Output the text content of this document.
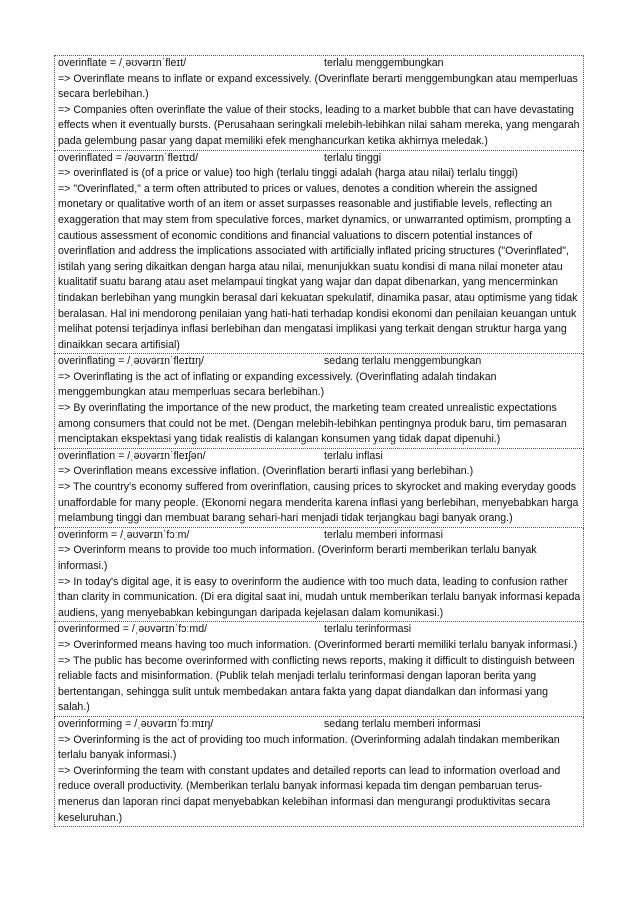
overinflate = /ˌəʊvərɪnˈfleɪt/	terlalu menggembungkan

=> Overinflate means to inflate or expand excessively. (Overinflate berarti menggembungkan atau memperluas secara berlebihan.)

=> Companies often overinflate the value of their stocks, leading to a market bubble that can have devastating effects when it eventually bursts. (Perusahaan seringkali melebih-lebihkan nilai saham mereka, yang mengarah pada gelembung pasar yang dapat memiliki efek menghancurkan ketika akhirnya meledak.)

overinflated = /əʊvərɪnˈfleɪtɪd/	terlalu tinggi

=> overinflated is (of a price or value) too high (terlalu tinggi adalah (harga atau nilai) terlalu tinggi)

=> "Overinflated," a term often attributed to prices or values, denotes a condition wherein the assigned monetary or qualitative worth of an item or asset surpasses reasonable and justifiable levels, reflecting an exaggeration that may stem from speculative forces, market dynamics, or unwarranted optimism, prompting a cautious assessment of economic conditions and financial valuations to discern potential instances of overinflation and address the implications associated with artificially inflated pricing structures ("Overinflated", istilah yang sering dikaitkan dengan harga atau nilai, menunjukkan suatu kondisi di mana nilai moneter atau kualitatif suatu barang atau aset melampaui tingkat yang wajar dan dapat dibenarkan, yang mencerminkan tindakan berlebihan yang mungkin berasal dari kekuatan spekulatif, dinamika pasar, atau optimisme yang tidak beralasan. Hal ini mendorong penilaian yang hati-hati terhadap kondisi ekonomi dan penilaian keuangan untuk melihat potensi terjadinya inflasi berlebihan dan mengatasi implikasi yang terkait dengan struktur harga yang dinaikkan secara artifisial)

overinflating = /ˌəʊvərɪnˈfleɪtɪŋ/	sedang terlalu menggembungkan

=> Overinflating is the act of inflating or expanding excessively. (Overinflating adalah tindakan menggembungkan atau memperluas secara berlebihan.)

=> By overinflating the importance of the new product, the marketing team created unrealistic expectations among consumers that could not be met. (Dengan melebih-lebihkan pentingnya produk baru, tim pemasaran menciptakan ekspektasi yang tidak realistis di kalangan konsumen yang tidak dapat dipenuhi.)

overinflation = /ˌəʊvərɪnˈfleɪʃən/	terlalu inflasi

=> Overinflation means excessive inflation. (Overinflation berarti inflasi yang berlebihan.)

=> The country's economy suffered from overinflation, causing prices to skyrocket and making everyday goods unaffordable for many people. (Ekonomi negara menderita karena inflasi yang berlebihan, menyebabkan harga melambung tinggi dan membuat barang sehari-hari menjadi tidak terjangkau bagi banyak orang.)

overinform = /ˌəʊvərɪnˈfɔːm/	terlalu memberi informasi

=> Overinform means to provide too much information. (Overinform berarti memberikan terlalu banyak informasi.)

=> In today's digital age, it is easy to overinform the audience with too much data, leading to confusion rather than clarity in communication. (Di era digital saat ini, mudah untuk memberikan terlalu banyak informasi kepada audiens, yang menyebabkan kebingungan daripada kejelasan dalam komunikasi.)

overinformed = /ˌəʊvərɪnˈfɔːmd/	terlalu terinformasi

=> Overinformed means having too much information. (Overinformed berarti memiliki terlalu banyak informasi.)

=> The public has become overinformed with conflicting news reports, making it difficult to distinguish between reliable facts and misinformation. (Publik telah menjadi terlalu terinformasi dengan laporan berita yang bertentangan, sehingga sulit untuk membedakan antara fakta yang dapat diandalkan dan informasi yang salah.)

overinforming = /ˌəʊvərɪnˈfɔːmɪŋ/	sedang terlalu memberi informasi

=> Overinforming is the act of providing too much information. (Overinforming adalah tindakan memberikan terlalu banyak informasi.)

=> Overinforming the team with constant updates and detailed reports can lead to information overload and reduce overall productivity. (Memberikan terlalu banyak informasi kepada tim dengan pembaruan terus-menerus dan laporan rinci dapat menyebabkan kelebihan informasi dan mengurangi produktivitas secara keseluruhan.)
